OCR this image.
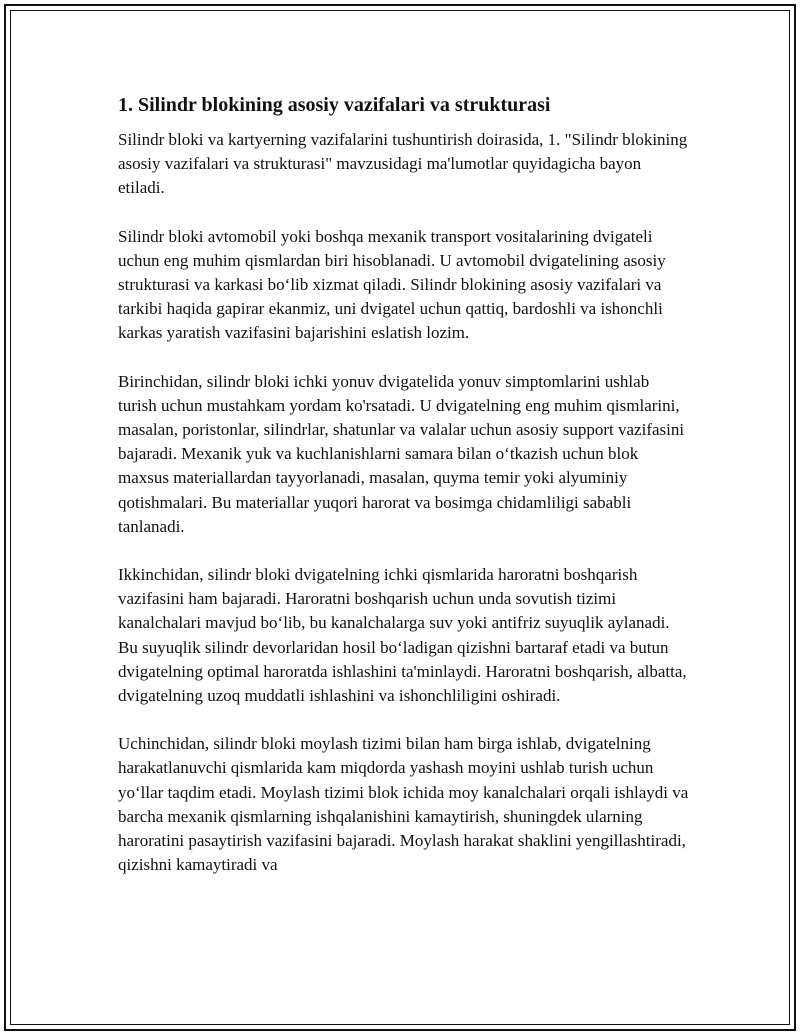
1. Silindr blokining asosiy vazifalari va strukturasi

Silindr bloki va kartyerning vazifalarini tushuntirish doirasida, 1. "Silindr blokining asosiy vazifalari va strukturasi" mavzusidagi ma'lumotlar quyidagicha bayon etiladi.

Silindr bloki avtomobil yoki boshqa mexanik transport vositalarining dvigateli uchun eng muhim qismlardan biri hisoblanadi. U avtomobil dvigatelining asosiy strukturasi va karkasi bo‘lib xizmat qiladi. Silindr blokining asosiy vazifalari va tarkibi haqida gapirar ekanmiz, uni dvigatel uchun qattiq, bardoshli va ishonchli karkas yaratish vazifasini bajarishini eslatish lozim.

Birinchidan, silindr bloki ichki yonuv dvigatelida yonuv simptomlarini ushlab turish uchun mustahkam yordam ko'rsatadi. U dvigatelning eng muhim qismlarini, masalan, poristonlar, silindrlar, shatunlar va valalar uchun asosiy support vazifasini bajaradi. Mexanik yuk va kuchlanishlarni samara bilan o‘tkazish uchun blok maxsus materiallardan tayyorlanadi, masalan, quyma temir yoki alyuminiy qotishmalari. Bu materiallar yuqori harorat va bosimga chidamliligi sababli tanlanadi.

Ikkinchidan, silindr bloki dvigatelning ichki qismlarida haroratni boshqarish vazifasini ham bajaradi. Haroratni boshqarish uchun unda sovutish tizimi kanalchalari mavjud bo‘lib, bu kanalchalarga suv yoki antifriz suyuqlik aylanadi. Bu suyuqlik silindr devorlaridan hosil bo‘ladigan qizishni bartaraf etadi va butun dvigatelning optimal haroratda ishlashini ta'minlaydi. Haroratni boshqarish, albatta, dvigatelning uzoq muddatli ishlashini va ishonchliligini oshiradi.

Uchinchidan, silindr bloki moylash tizimi bilan ham birga ishlab, dvigatelning harakatlanuvchi qismlarida kam miqdorda yashash moyini ushlab turish uchun yo‘llar taqdim etadi. Moylash tizimi blok ichida moy kanalchalari orqali ishlaydi va barcha mexanik qismlarning ishqalanishini kamaytirish, shuningdek ularning haroratini pasaytirish vazifasini bajaradi. Moylash harakat shaklini yengillashtiradi, qizishni kamaytiradi va
